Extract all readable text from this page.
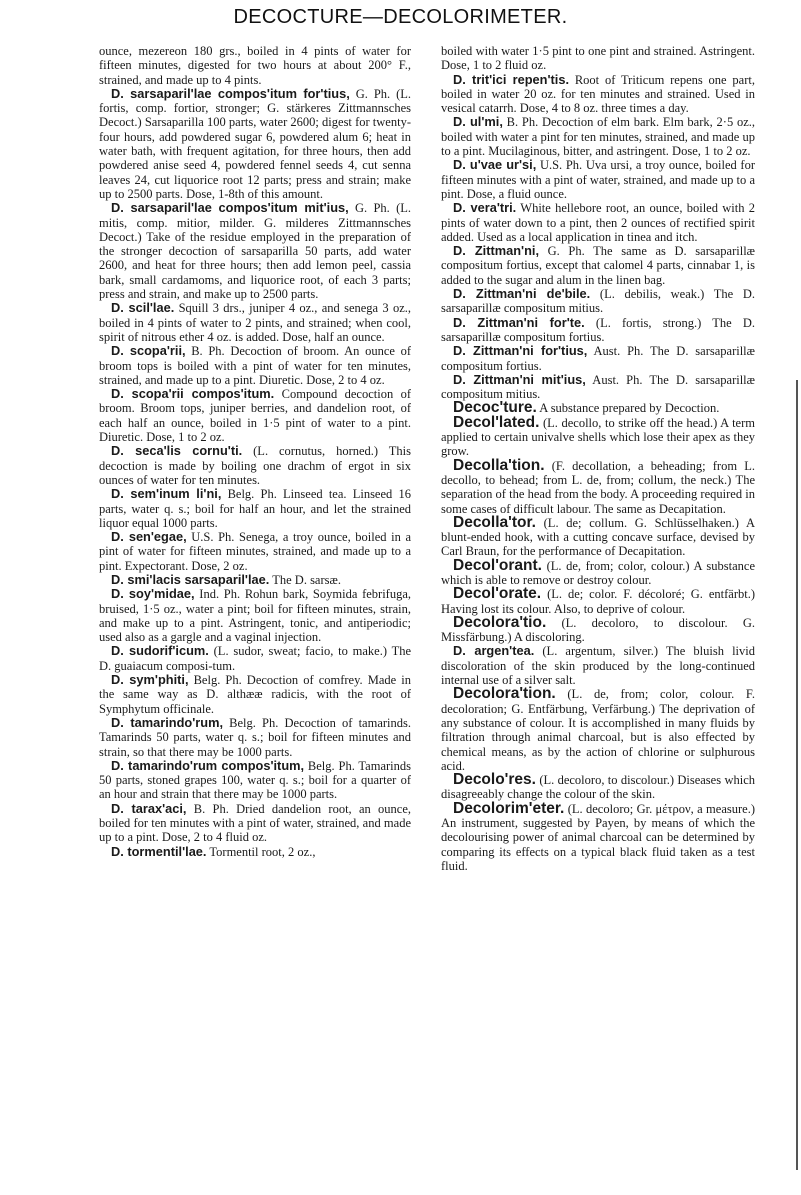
DECOCTURE—DECOLORIMETER.

ounce, mezereon 180 grs., boiled in 4 pints of water for fifteen minutes, digested for two hours at about 200° F., strained, and made up to 4 pints.

D. sarsaparil'lae compos'itum for'tius, G. Ph. (L. fortis, comp. fortior, stronger; G. stärkeres Zittmannsches Decoct.) Sarsaparilla 100 parts, water 2600; digest for twenty-four hours, add powdered sugar 6, powdered alum 6; heat in water bath, with frequent agitation, for three hours, then add powdered anise seed 4, powdered fennel seeds 4, cut senna leaves 24, cut liquorice root 12 parts; press and strain; make up to 2500 parts. Dose, 1-8th of this amount.

D. sarsaparil'lae compos'itum mit'ius, G. Ph. (L. mitis, comp. mitior, milder. G. milderes Zittmannsches Decoct.) Take of the residue employed in the preparation of the stronger decoction of sarsaparilla 50 parts, add water 2600, and heat for three hours; then add lemon peel, cassia bark, small cardamoms, and liquorice root, of each 3 parts; press and strain, and make up to 2500 parts.

D. scil'lae. Squill 3 drs., juniper 4 oz., and senega 3 oz., boiled in 4 pints of water to 2 pints, and strained; when cool, spirit of nitrous ether 4 oz. is added. Dose, half an ounce.

D. scopa'rii, B. Ph. Decoction of broom. An ounce of broom tops is boiled with a pint of water for ten minutes, strained, and made up to a pint. Diuretic. Dose, 2 to 4 oz.

D. scopa'rii compos'itum. Compound decoction of broom. Broom tops, juniper berries, and dandelion root, of each half an ounce, boiled in 1·5 pint of water to a pint. Diuretic. Dose, 1 to 2 oz.

D. seca'lis cornu'ti. (L. cornutus, horned.) This decoction is made by boiling one drachm of ergot in six ounces of water for ten minutes.

D. sem'inum li'ni, Belg. Ph. Linseed tea. Linseed 16 parts, water q. s.; boil for half an hour, and let the strained liquor equal 1000 parts.

D. sen'egae, U.S. Ph. Senega, a troy ounce, boiled in a pint of water for fifteen minutes, strained, and made up to a pint. Expectorant. Dose, 2 oz.

D. smi'lacis sarsaparil'lae. The D. sarsæ.

D. soy'midae, Ind. Ph. Rohun bark, Soymida febrifuga, bruised, 1·5 oz., water a pint; boil for fifteen minutes, strain, and make up to a pint. Astringent, tonic, and antiperiodic; used also as a gargle and a vaginal injection.

D. sudorif'icum. (L. sudor, sweat; facio, to make.) The D. guaiacum composi-tum.

D. sym'phiti, Belg. Ph. Decoction of comfrey. Made in the same way as D. althææ radicis, with the root of Symphytum officinale.

D. tamarindo'rum, Belg. Ph. Decoction of tamarinds. Tamarinds 50 parts, water q. s.; boil for fifteen minutes and strain, so that there may be 1000 parts.

D. tamarindo'rum compos'itum, Belg. Ph. Tamarinds 50 parts, stoned grapes 100, water q. s.; boil for a quarter of an hour and strain that there may be 1000 parts.

D. tarax'aci, B. Ph. Dried dandelion root, an ounce, boiled for ten minutes with a pint of water, strained, and made up to a pint. Dose, 2 to 4 fluid oz.

D. tormentil'lae. Tormentil root, 2 oz.,

boiled with water 1·5 pint to one pint and strained. Astringent. Dose, 1 to 2 fluid oz.

D. trit'ici repen'tis. Root of Triticum repens one part, boiled in water 20 oz. for ten minutes and strained. Used in vesical catarrh. Dose, 4 to 8 oz. three times a day.

D. ul'mi, B. Ph. Decoction of elm bark. Elm bark, 2·5 oz., boiled with water a pint for ten minutes, strained, and made up to a pint. Mucilaginous, bitter, and astringent. Dose, 1 to 2 oz.

D. u'vae ur'si, U.S. Ph. Uva ursi, a troy ounce, boiled for fifteen minutes with a pint of water, strained, and made up to a pint. Dose, a fluid ounce.

D. vera'tri. White hellebore root, an ounce, boiled with 2 pints of water down to a pint, then 2 ounces of rectified spirit added. Used as a local application in tinea and itch.

D. Zittman'ni, G. Ph. The same as D. sarsaparillæ compositum fortius, except that calomel 4 parts, cinnabar 1, is added to the sugar and alum in the linen bag.

D. Zittman'ni de'bile. (L. debilis, weak.) The D. sarsaparillæ compositum mitius.

D. Zittman'ni for'te. (L. fortis, strong.) The D. sarsaparillæ compositum fortius.

D. Zittman'ni for'tius, Aust. Ph. The D. sarsaparillæ compositum fortius.

D. Zittman'ni mit'ius, Aust. Ph. The D. sarsaparillæ compositum mitius.

Decoc'ture. A substance prepared by Decoction.

Decol'lated. (L. decollo, to strike off the head.) A term applied to certain univalve shells which lose their apex as they grow.

Decolla'tion. (F. decollation, a beheading; from L. decollo, to behead; from L. de, from; collum, the neck.) The separation of the head from the body. A proceeding required in some cases of difficult labour. The same as Decapitation.

Decolla'tor. (L. de; collum. G. Schlüsselhaken.) A blunt-ended hook, with a cutting concave surface, devised by Carl Braun, for the performance of Decapitation.

Decol'orant. (L. de, from; color, colour.) A substance which is able to remove or destroy colour.

Decol'orate. (L. de; color. F. décoloré; G. entfärbt.) Having lost its colour. Also, to deprive of colour.

Decolora'tio. (L. decoloro, to discolour. G. Missfärbung.) A discoloring.

D. argen'tea. (L. argentum, silver.) The bluish livid discoloration of the skin produced by the long-continued internal use of a silver salt.

Decolora'tion. (L. de, from; color, colour. F. decoloration; G. Entfärbung, Verfärbung.) The deprivation of any substance of colour. It is accomplished in many fluids by filtration through animal charcoal, but is also effected by chemical means, as by the action of chlorine or sulphurous acid.

Decolo'res. (L. decoloro, to discolour.) Diseases which disagreeably change the colour of the skin.

Decolorim'eter. (L. decoloro; Gr. μέτρον, a measure.) An instrument, suggested by Payen, by means of which the decolourising power of animal charcoal can be determined by comparing its effects on a typical black fluid taken as a test fluid.
